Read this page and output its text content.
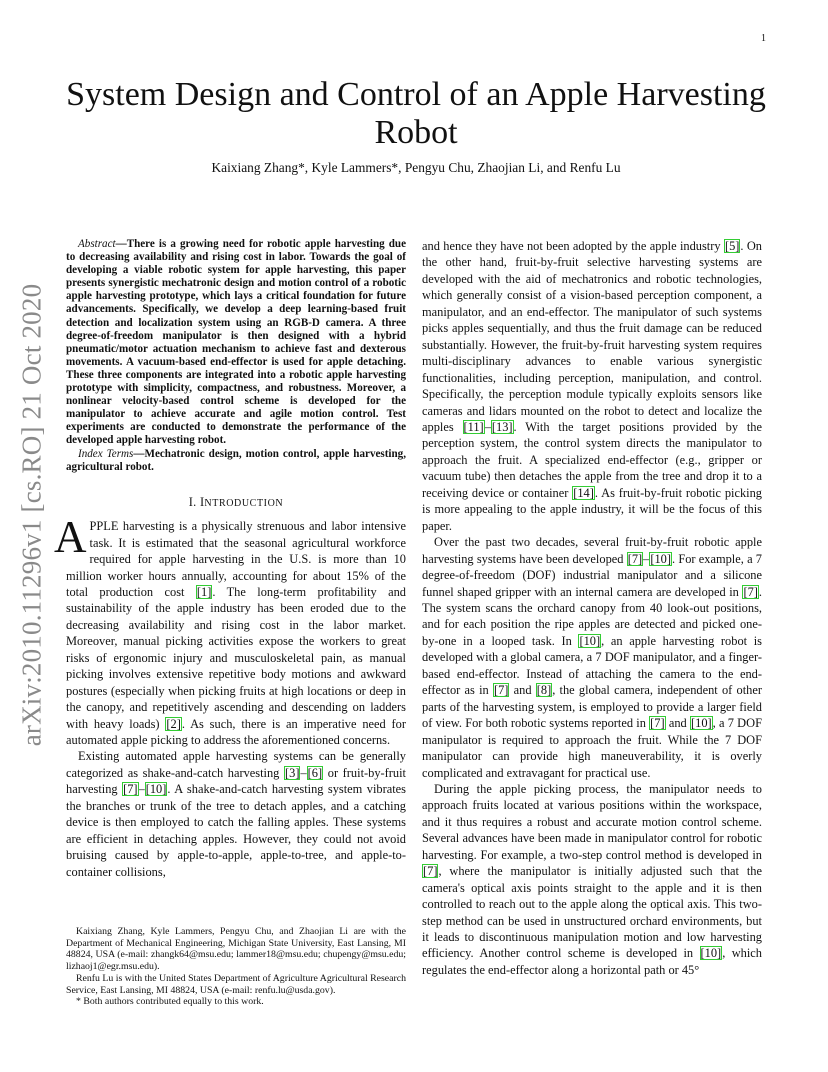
1
arXiv:2010.11296v1 [cs.RO] 21 Oct 2020
System Design and Control of an Apple Harvesting Robot
Kaixiang Zhang*, Kyle Lammers*, Pengyu Chu, Zhaojian Li, and Renfu Lu

Abstract—There is a growing need for robotic apple harvesting due to decreasing availability and rising cost in labor. Towards the goal of developing a viable robotic system for apple harvesting, this paper presents synergistic mechatronic design and motion control of a robotic apple harvesting prototype, which lays a critical foundation for future advancements. Specifically, we develop a deep learning-based fruit detection and localization system using an RGB-D camera. A three degree-of-freedom manipulator is then designed with a hybrid pneumatic/motor actuation mechanism to achieve fast and dexterous movements. A vacuum-based end-effector is used for apple detaching. These three components are integrated into a robotic apple harvesting prototype with simplicity, compactness, and robustness. Moreover, a nonlinear velocity-based control scheme is developed for the manipulator to achieve accurate and agile motion control. Test experiments are conducted to demonstrate the performance of the developed apple harvesting robot.

Index Terms—Mechatronic design, motion control, apple harvesting, agricultural robot.

I. INTRODUCTION

APPLE harvesting is a physically strenuous and labor intensive task. It is estimated that the seasonal agricultural workforce required for apple harvesting in the U.S. is more than 10 million worker hours annually, accounting for about 15% of the total production cost [1]. The long-term profitability and sustainability of the apple industry has been eroded due to the decreasing availability and rising cost in the labor market. Moreover, manual picking activities expose the workers to great risks of ergonomic injury and musculoskeletal pain, as manual picking involves extensive repetitive body motions and awkward postures (especially when picking fruits at high locations or deep in the canopy, and repetitively ascending and descending on ladders with heavy loads) [2]. As such, there is an imperative need for automated apple picking to address the aforementioned concerns.

Existing automated apple harvesting systems can be generally categorized as shake-and-catch harvesting [3]–[6] or fruit-by-fruit harvesting [7]–[10]. A shake-and-catch harvesting system vibrates the branches or trunk of the tree to detach apples, and a catching device is then employed to catch the falling apples. These systems are efficient in detaching apples. However, they could not avoid bruising caused by apple-to-apple, apple-to-tree, and apple-to-container collisions,

Kaixiang Zhang, Kyle Lammers, Pengyu Chu, and Zhaojian Li are with the Department of Mechanical Engineering, Michigan State University, East Lansing, MI 48824, USA (e-mail: zhangk64@msu.edu; lammer18@msu.edu; chupengy@msu.edu; lizhaoj1@egr.msu.edu).

Renfu Lu is with the United States Department of Agriculture Agricultural Research Service, East Lansing, MI 48824, USA (e-mail: renfu.lu@usda.gov).

* Both authors contributed equally to this work.

and hence they have not been adopted by the apple industry [5]. On the other hand, fruit-by-fruit selective harvesting systems are developed with the aid of mechatronics and robotic technologies, which generally consist of a vision-based perception component, a manipulator, and an end-effector. The manipulator of such systems picks apples sequentially, and thus the fruit damage can be reduced substantially. However, the fruit-by-fruit harvesting system requires multi-disciplinary advances to enable various synergistic functionalities, including perception, manipulation, and control. Specifically, the perception module typically exploits sensors like cameras and lidars mounted on the robot to detect and localize the apples [11]–[13]. With the target positions provided by the perception system, the control system directs the manipulator to approach the fruit. A specialized end-effector (e.g., gripper or vacuum tube) then detaches the apple from the tree and drop it to a receiving device or container [14]. As fruit-by-fruit robotic picking is more appealing to the apple industry, it will be the focus of this paper.

Over the past two decades, several fruit-by-fruit robotic apple harvesting systems have been developed [7]–[10]. For example, a 7 degree-of-freedom (DOF) industrial manipulator and a silicone funnel shaped gripper with an internal camera are developed in [7]. The system scans the orchard canopy from 40 look-out positions, and for each position the ripe apples are detected and picked one-by-one in a looped task. In [10], an apple harvesting robot is developed with a global camera, a 7 DOF manipulator, and a finger-based end-effector. Instead of attaching the camera to the end-effector as in [7] and [8], the global camera, independent of other parts of the harvesting system, is employed to provide a larger field of view. For both robotic systems reported in [7] and [10], a 7 DOF manipulator is required to approach the fruit. While the 7 DOF manipulator can provide high maneuverability, it is overly complicated and extravagant for practical use.

During the apple picking process, the manipulator needs to approach fruits located at various positions within the workspace, and it thus requires a robust and accurate motion control scheme. Several advances have been made in manipulator control for robotic harvesting. For example, a two-step control method is developed in [7], where the manipulator is initially adjusted such that the camera's optical axis points straight to the apple and it is then controlled to reach out to the apple along the optical axis. This two-step method can be used in unstructured orchard environments, but it leads to discontinuous manipulation motion and low harvesting efficiency. Another control scheme is developed in [10], which regulates the end-effector along a horizontal path or 45°
